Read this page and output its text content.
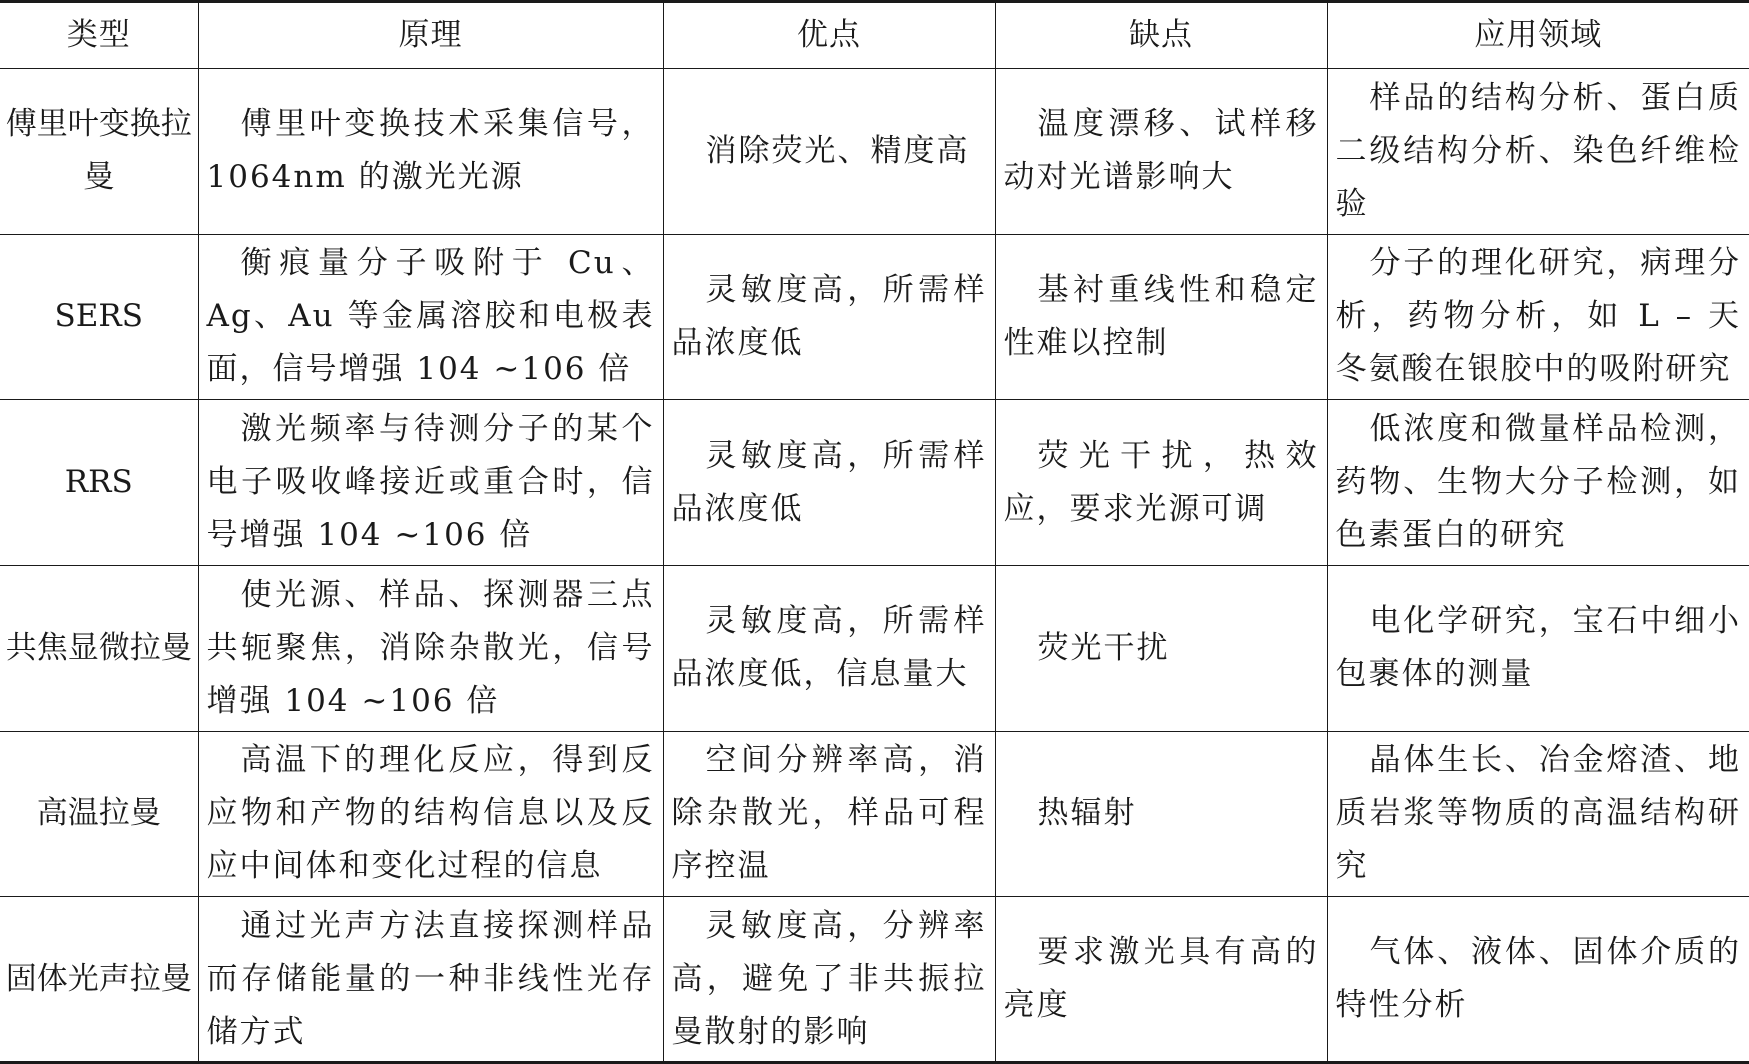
类型	原理	优点	缺点	应用领域
傅里叶变换拉曼	傅里叶变换技术采集信号，1064nm 的激光光源	消除荧光、精度高	温度漂移、试样移动对光谱影响大	样品的结构分析、蛋白质二级结构分析、染色纤维检验
SERS	衡痕量分子吸附于 Cu、Ag、Au 等金属溶胶和电极表面，信号增强 104 ~106 倍	灵敏度高，所需样品浓度低	基衬重线性和稳定性难以控制	分子的理化研究，病理分析，药物分析，如 L – 天冬氨酸在银胶中的吸附研究
RRS	激光频率与待测分子的某个电子吸收峰接近或重合时，信号增强 104 ~106 倍	灵敏度高，所需样品浓度低	荧光干扰，热效应，要求光源可调	低浓度和微量样品检测，药物、生物大分子检测，如色素蛋白的研究
共焦显微拉曼	使光源、样品、探测器三点共轭聚焦，消除杂散光，信号增强 104 ~106 倍	灵敏度高，所需样品浓度低，信息量大	荧光干扰	电化学研究，宝石中细小包裹体的测量
高温拉曼	高温下的理化反应，得到反应物和产物的结构信息以及反应中间体和变化过程的信息	空间分辨率高，消除杂散光，样品可程序控温	热辐射	晶体生长、冶金熔渣、地质岩浆等物质的高温结构研究
固体光声拉曼	通过光声方法直接探测样品而存储能量的一种非线性光存储方式	灵敏度高，分辨率高，避免了非共振拉曼散射的影响	要求激光具有高的亮度	气体、液体、固体介质的特性分析
